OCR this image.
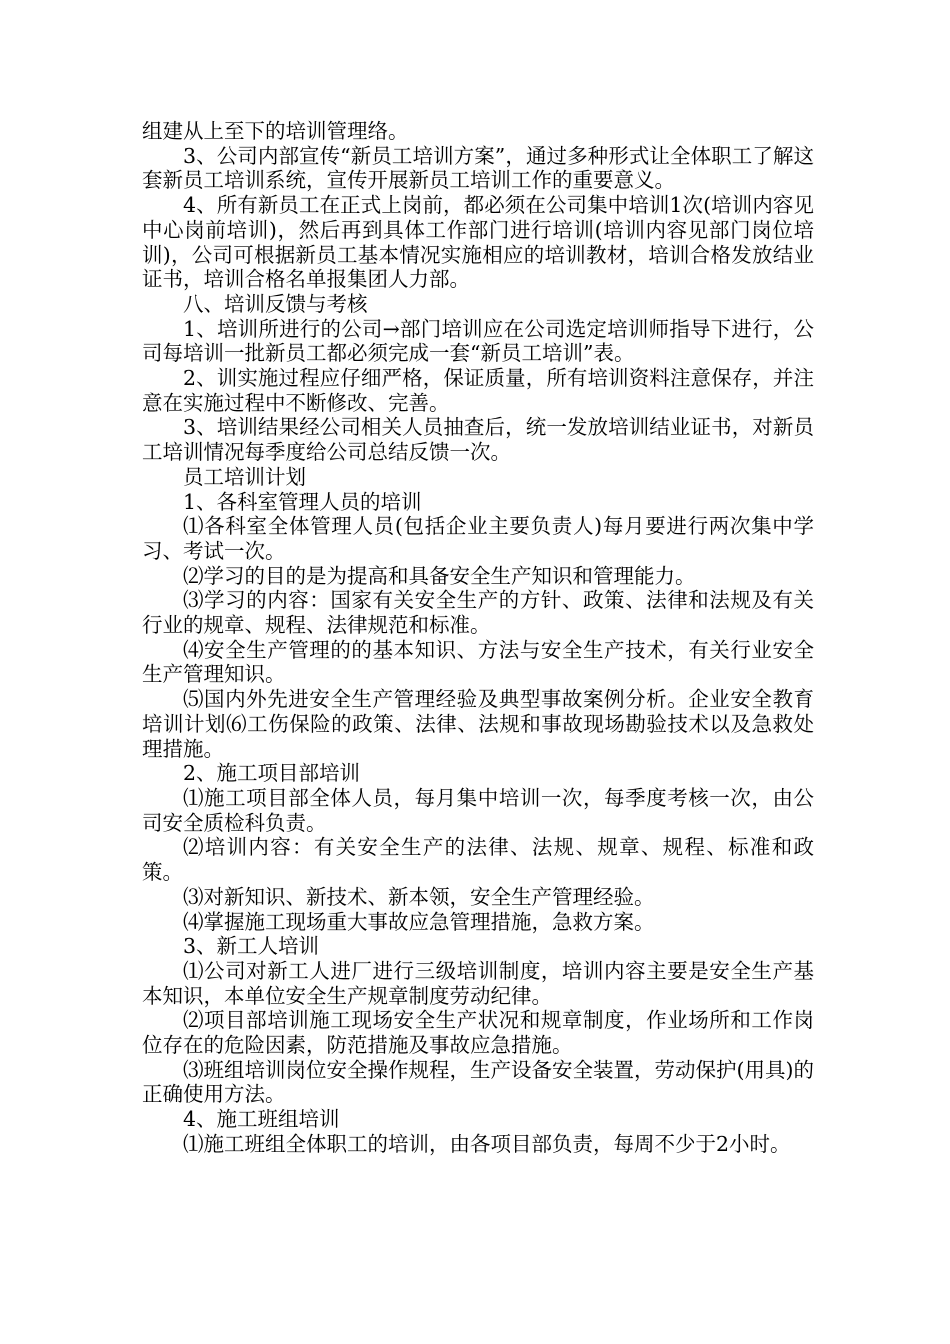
组建从上至下的培训管理络。

3、公司内部宣传“新员工培训方案”，通过多种形式让全体职工了解这套新员工培训系统，宣传开展新员工培训工作的重要意义。

4、所有新员工在正式上岗前，都必须在公司集中培训1次(培训内容见中心岗前培训)，然后再到具体工作部门进行培训(培训内容见部门岗位培训)，公司可根据新员工基本情况实施相应的培训教材，培训合格发放结业证书，培训合格名单报集团人力部。

八、培训反馈与考核

1、培训所进行的公司→部门培训应在公司选定培训师指导下进行，公司每培训一批新员工都必须完成一套“新员工培训”表。

2、训实施过程应仔细严格，保证质量，所有培训资料注意保存，并注意在实施过程中不断修改、完善。

3、培训结果经公司相关人员抽查后，统一发放培训结业证书，对新员工培训情况每季度给公司总结反馈一次。

员工培训计划

1、各科室管理人员的培训

⑴各科室全体管理人员(包括企业主要负责人)每月要进行两次集中学习、考试一次。

⑵学习的目的是为提高和具备安全生产知识和管理能力。

⑶学习的内容：国家有关安全生产的方针、政策、法律和法规及有关行业的规章、规程、法律规范和标准。

⑷安全生产管理的的基本知识、方法与安全生产技术，有关行业安全生产管理知识。

⑸国内外先进安全生产管理经验及典型事故案例分析。企业安全教育培训计划⑹工伤保险的政策、法律、法规和事故现场勘验技术以及急救处理措施。

2、施工项目部培训

⑴施工项目部全体人员，每月集中培训一次，每季度考核一次，由公司安全质检科负责。

⑵培训内容：有关安全生产的法律、法规、规章、规程、标准和政策。

⑶对新知识、新技术、新本领，安全生产管理经验。

⑷掌握施工现场重大事故应急管理措施，急救方案。

3、新工人培训

⑴公司对新工人进厂进行三级培训制度，培训内容主要是安全生产基本知识，本单位安全生产规章制度劳动纪律。

⑵项目部培训施工现场安全生产状况和规章制度，作业场所和工作岗位存在的危险因素，防范措施及事故应急措施。

⑶班组培训岗位安全操作规程，生产设备安全装置，劳动保护(用具)的正确使用方法。

4、施工班组培训

⑴施工班组全体职工的培训，由各项目部负责，每周不少于2小时。
